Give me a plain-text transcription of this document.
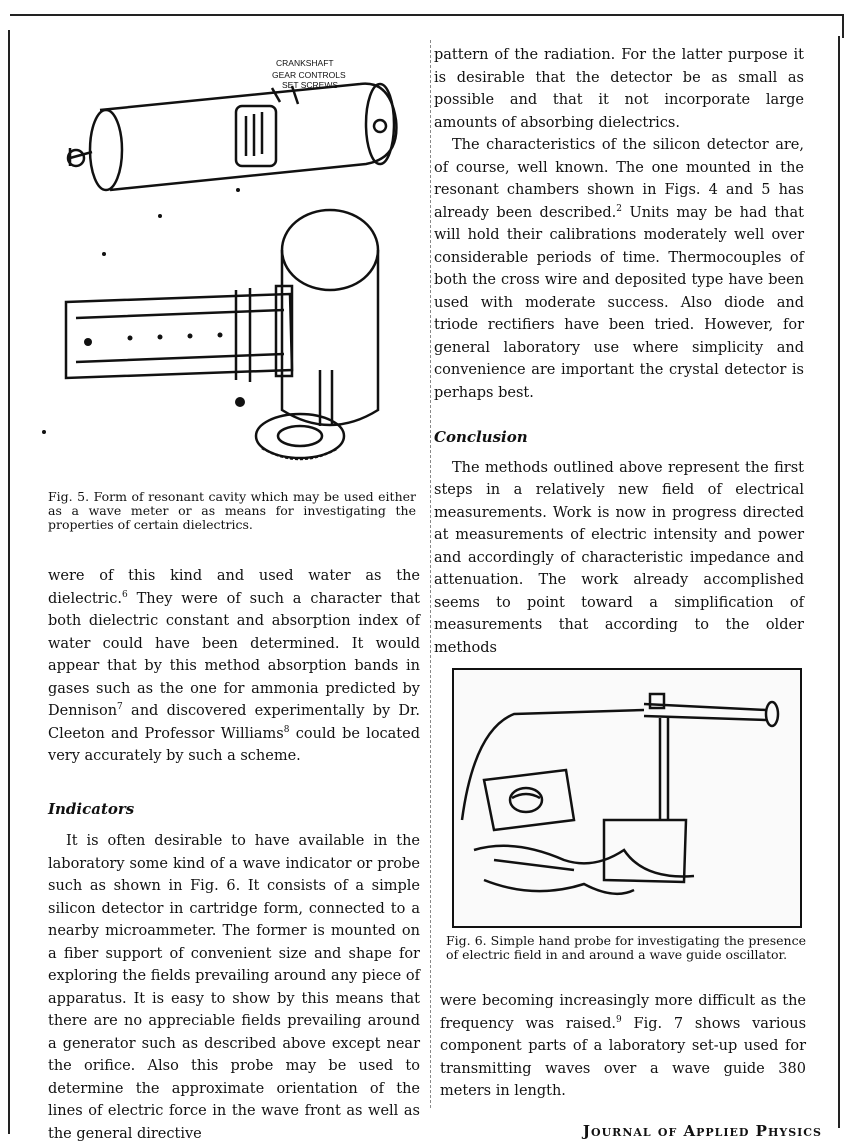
CRANKSHAFT
GEAR CONTROLS
SET SCREWS
Fig. 5. Form of resonant cavity which may be used either as a wave meter or as means for investigating the properties of certain dielectrics.

were of this kind and used water as the dielectric.$^6$ They were of such a character that both dielectric constant and absorption index of water could have been determined. It would appear that by this method absorption bands in gases such as the one for ammonia predicted by Dennison$^7$ and discovered experimentally by Dr. Cleeton and Professor Williams$^8$ could be located very accurately by such a scheme.

Indicators

It is often desirable to have available in the laboratory some kind of a wave indicator or probe such as shown in Fig. 6. It consists of a simple silicon detector in cartridge form, connected to a nearby microammeter. The former is mounted on a fiber support of convenient size and shape for exploring the fields prevailing around any piece of apparatus. It is easy to show by this means that there are no appreciable fields prevailing around a generator such as described above except near the orifice. Also this probe may be used to determine the approximate orientation of the lines of electric force in the wave front as well as the general directive

pattern of the radiation. For the latter purpose it is desirable that the detector be as small as possible and that it not incorporate large amounts of absorbing dielectrics.

The characteristics of the silicon detector are, of course, well known. The one mounted in the resonant chambers shown in Figs. 4 and 5 has already been described.$^2$ Units may be had that will hold their calibrations moderately well over considerable periods of time. Thermocouples of both the cross wire and deposited type have been used with moderate success. Also diode and triode rectifiers have been tried. However, for general laboratory use where simplicity and convenience are important the crystal detector is perhaps best.

Conclusion

The methods outlined above represent the first steps in a relatively new field of electrical measurements. Work is now in progress directed at measurements of electric intensity and power and accordingly of characteristic impedance and attenuation. The work already accomplished seems to point toward a simplification of measurements that according to the older methods

Fig. 6. Simple hand probe for investigating the presence of electric field in and around a wave guide oscillator.

were becoming increasingly more difficult as the frequency was raised.$^9$ Fig. 7 shows various component parts of a laboratory set-up used for transmitting waves over a wave guide 380 meters in length.

Journal of Applied Physics
